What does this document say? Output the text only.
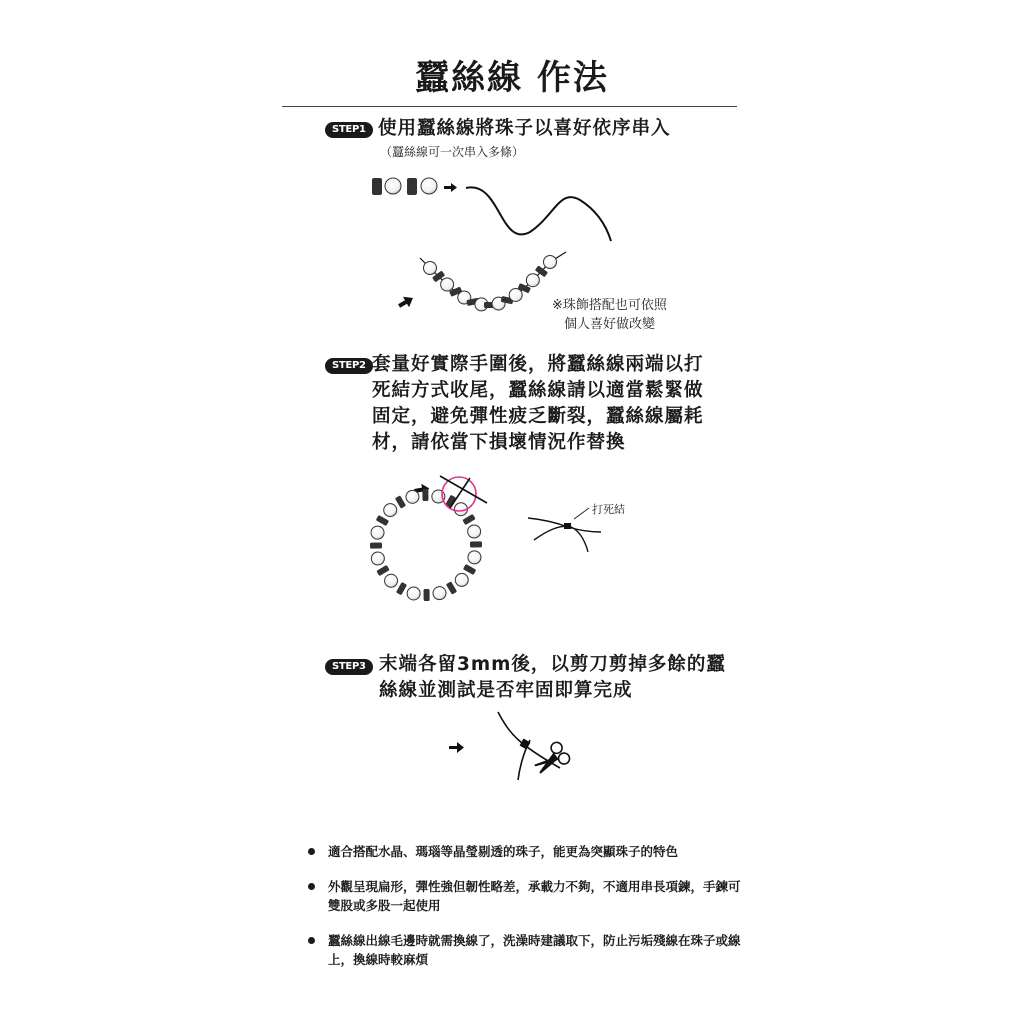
蠶絲線 作法
STEP1 使用蠶絲線將珠子以喜好依序串入
（蠶絲線可一次串入多條）
※珠飾搭配也可依照
個人喜好做改變
STEP2 套量好實際手圍後，將蠶絲線兩端以打
死結方式收尾，蠶絲線請以適當鬆緊做
固定，避免彈性疲乏斷裂，蠶絲線屬耗
材，請依當下損壞情況作替換
打死結
STEP3 末端各留3mm後，以剪刀剪掉多餘的蠶
絲線並測試是否牢固即算完成
適合搭配水晶、瑪瑙等晶瑩剔透的珠子，能更為突顯珠子的特色
外觀呈現扁形，彈性強但韌性略差，承載力不夠，不適用串長項鍊，手鍊可雙股或多股一起使用
蠶絲線出線毛邊時就需換線了，洗澡時建議取下，防止污垢殘線在珠子或線上，換線時較麻煩
